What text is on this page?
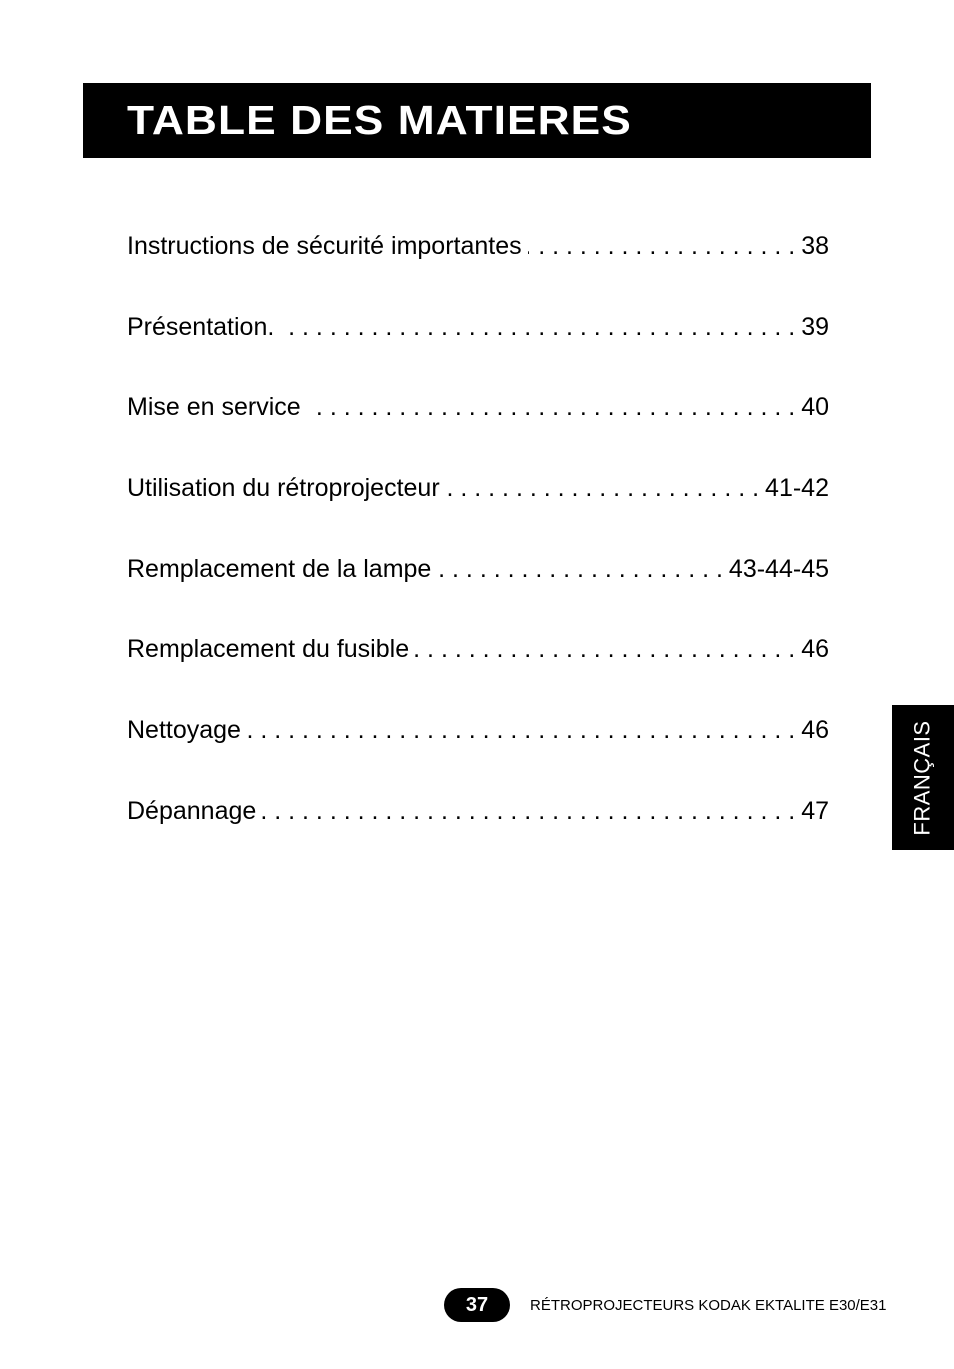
TABLE DES MATIERES
Instructions de sécurité importantes . . .	38
Présentation. . . .	39
Mise en service . . .	40
Utilisation du rétroprojecteur . . .	41-42
Remplacement de la lampe . . .	43-44-45
Remplacement du fusible . . .	46
Nettoyage . . .	46
Dépannage . . .	47	FRANÇAIS
37	RÉTROPROJECTEURS KODAK EKTALITE E30/E31
